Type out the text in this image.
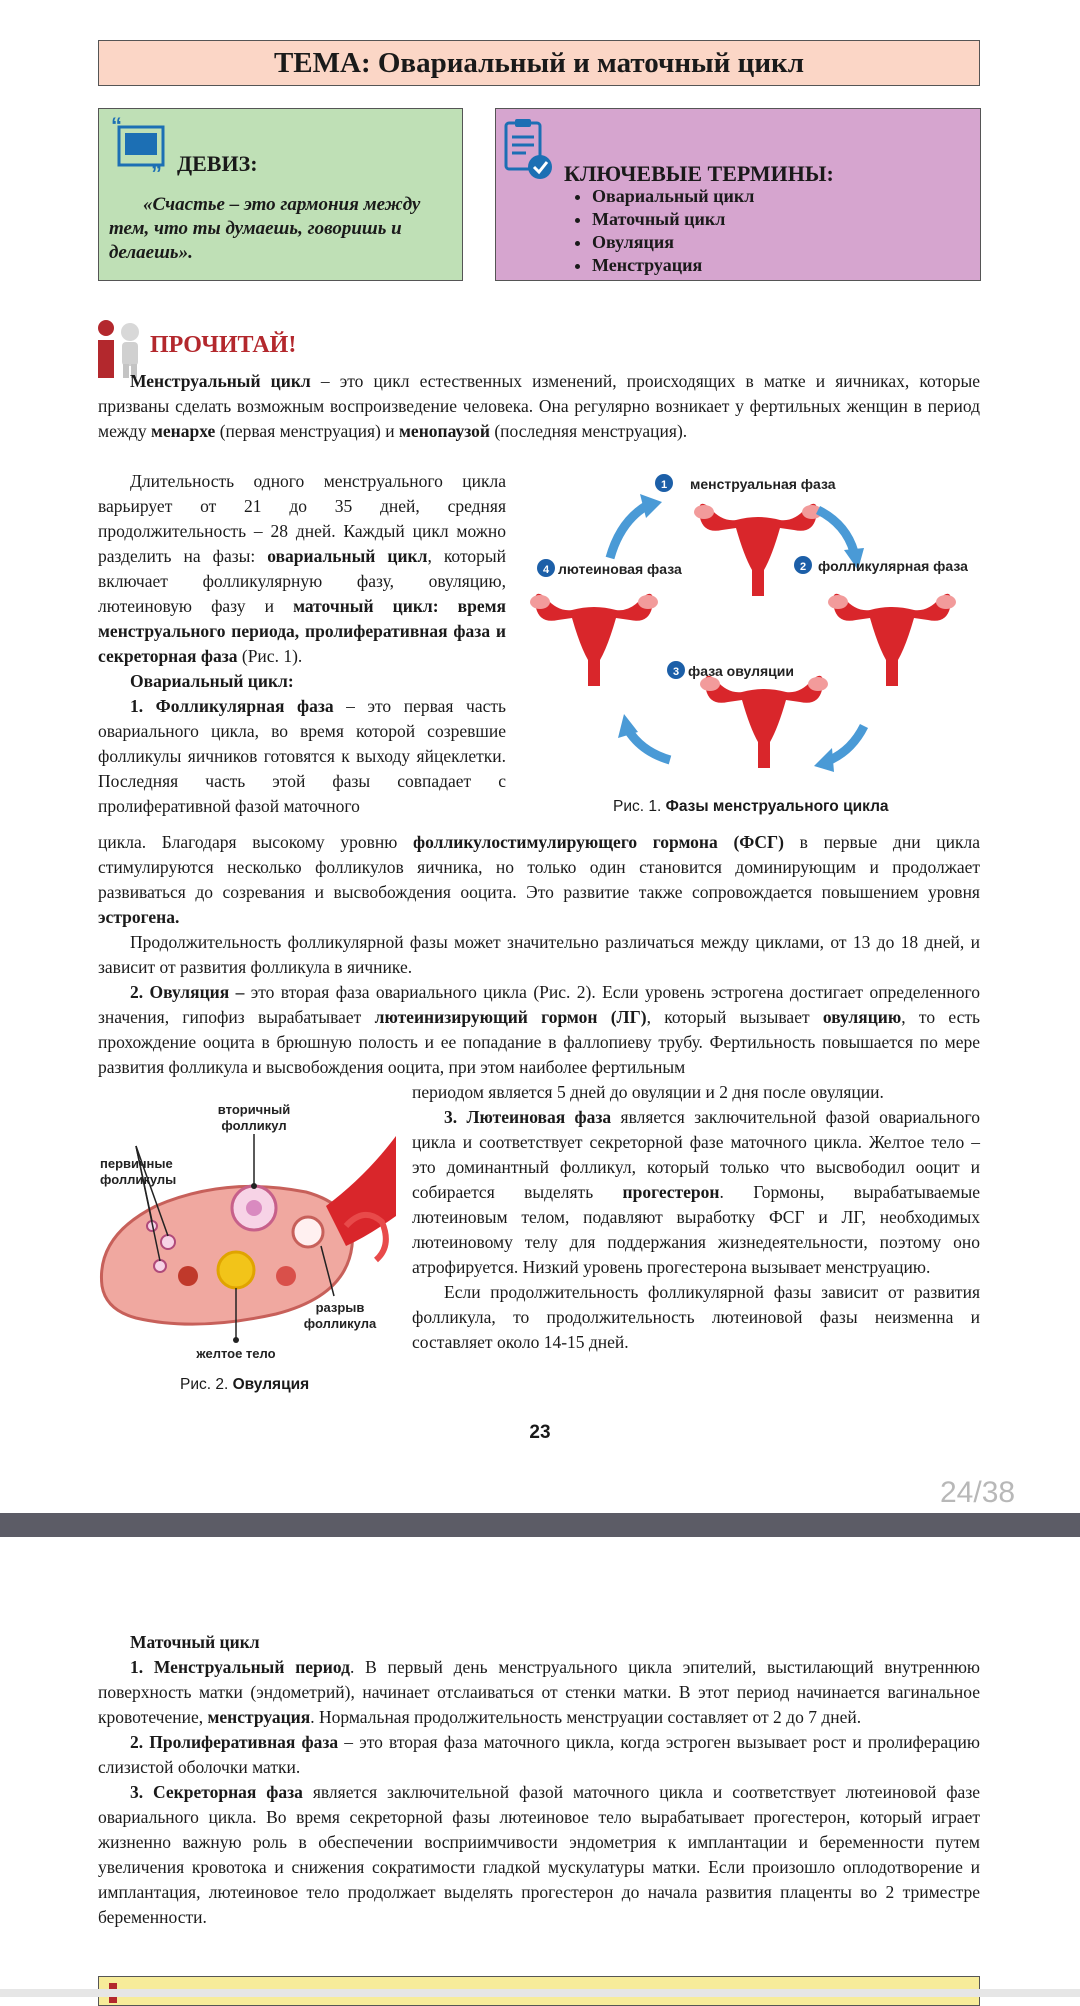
ТЕМА: Овариальный и маточный цикл
“
” ДЕВИЗ:
«Счастье – это гармония между тем, что ты думаешь, говоришь и делаешь».
КЛЮЧЕВЫЕ ТЕРМИНЫ:
• Овариальный цикл
• Маточный цикл
• Овуляция
• Менструация
ПРОЧИТАЙ!

Менструальный цикл – это цикл естественных изменений, происходящих в матке и яичниках, которые призваны сделать возможным воспроизведение человека. Она регулярно возникает у фертильных женщин в период между менархе (первая менструация) и менопаузой (последняя менструация).

Длительность одного менструального цикла варьирует от 21 до 35 дней, средняя продолжительность – 28 дней. Каждый цикл можно разделить на фазы: овариальный цикл, который включает фолликулярную фазу, овуляцию, лютеиновую фазу и маточный цикл: время менструального периода, пролиферативная фаза и секреторная фаза (Рис. 1).

Овариальный цикл:

1. Фолликулярная фаза – это первая часть овариального цикла, во время которой созревшие фолликулы яичников готовятся к выходу яйцеклетки. Последняя часть этой фазы совпадает с пролиферативной фазой маточного

1 менструальная фаза
2 фолликулярная фаза
3 фаза овуляции
4 лютеиновая фаза
Рис. 1. Фазы менструального цикла

цикла. Благодаря высокому уровню фолликулостимулирующего гормона (ФСГ) в первые дни цикла стимулируются несколько фолликулов яичника, но только один становится доминирующим и продолжает развиваться до созревания и высвобождения ооцита. Это развитие также сопровождается повышением уровня эстрогена.

Продолжительность фолликулярной фазы может значительно различаться между циклами, от 13 до 18 дней, и зависит от развития фолликула в яичнике.

2. Овуляция – это вторая фаза овариального цикла (Рис. 2). Если уровень эстрогена достигает определенного значения, гипофиз вырабатывает лютеинизирующий гормон (ЛГ), который вызывает овуляцию, то есть прохождение ооцита в брюшную полость и ее попадание в фаллопиеву трубу. Фертильность повышается по мере развития фолликула и высвобождения ооцита, при этом наиболее фертильным

периодом является 5 дней до овуляции и 2 дня после овуляции.

3. Лютеиновая фаза является заключительной фазой овариального цикла и соответствует секреторной фазе маточного цикла. Желтое тело – это доминантный фолликул, который только что высвободил ооцит и собирается выделять прогестерон. Гормоны, вырабатываемые лютеиновым телом, подавляют выработку ФСГ и ЛГ, необходимых лютеиновому телу для поддержания жизнедеятельности, поэтому оно атрофируется. Низкий уровень прогестерона вызывает менструацию.

Если продолжительность фолликулярной фазы зависит от развития фолликула, то продолжительность лютеиновой фазы неизменна и составляет около 14-15 дней.

вторичный
фолликул
первичные
фолликулы
разрыв
фолликула
желтое тело
Рис. 2. Овуляция
23
24/38

Маточный цикл

1. Менструальный период. В первый день менструального цикла эпителий, выстилающий внутреннюю поверхность матки (эндометрий), начинает отслаиваться от стенки матки. В этот период начинается вагинальное кровотечение, менструация. Нормальная продолжительность менструации составляет от 2 до 7 дней.

2. Пролиферативная фаза – это вторая фаза маточного цикла, когда эстроген вызывает рост и пролиферацию слизистой оболочки матки.

3. Секреторная фаза является заключительной фазой маточного цикла и соответствует лютеиновой фазе овариального цикла. Во время секреторной фазы лютеиновое тело вырабатывает прогестерон, который играет жизненно важную роль в обеспечении восприимчивости эндометрия к имплантации и беременности путем увеличения кровотока и снижения сократимости гладкой мускулатуры матки. Если произошло оплодотворение и имплантация, лютеиновое тело продолжает выделять прогестерон до начала развития плаценты во 2 триместре беременности.
